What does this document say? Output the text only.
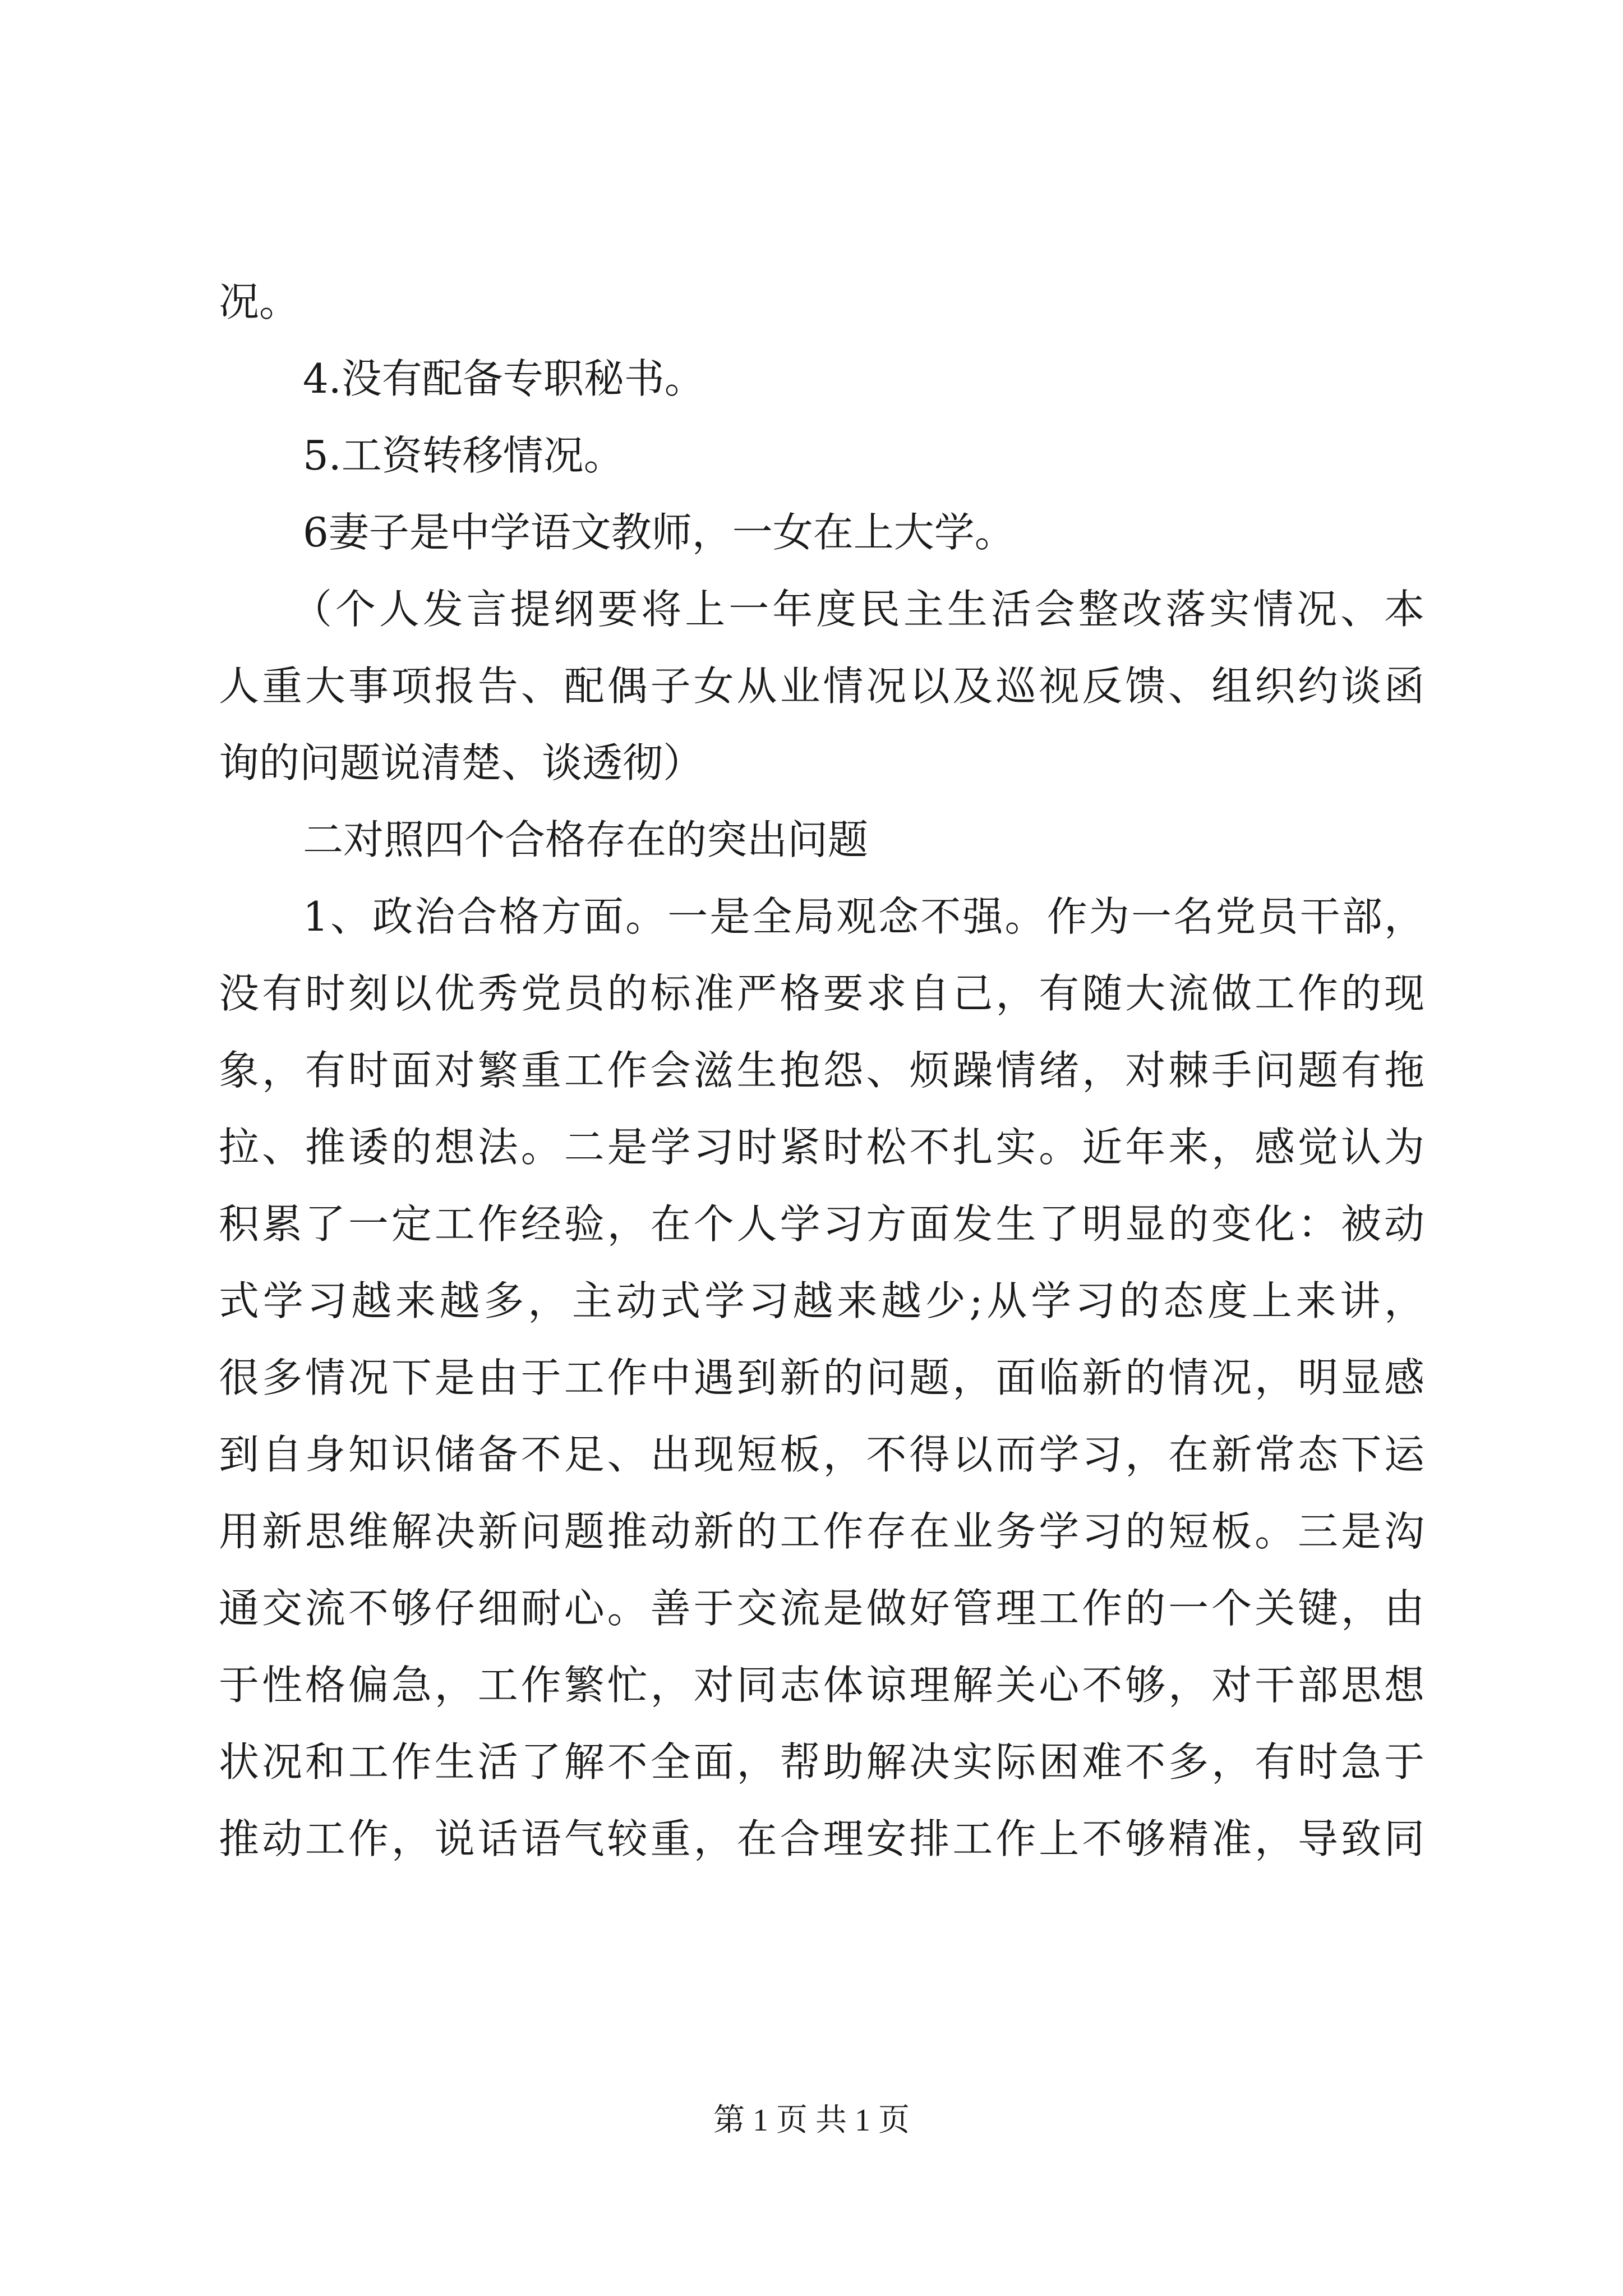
况。
4.没有配备专职秘书。
5.工资转移情况。
6妻子是中学语文教师，一女在上大学。
（个人发言提纲要将上一年度民主生活会整改落实情况、本
人重大事项报告、配偶子女从业情况以及巡视反馈、组织约谈函
询的问题说清楚、谈透彻）
二对照四个合格存在的突出问题
1、政治合格方面。一是全局观念不强。作为一名党员干部，
没有时刻以优秀党员的标准严格要求自己，有随大流做工作的现
象，有时面对繁重工作会滋生抱怨、烦躁情绪，对棘手问题有拖
拉、推诿的想法。二是学习时紧时松不扎实。近年来，感觉认为
积累了一定工作经验，在个人学习方面发生了明显的变化：被动
式学习越来越多，主动式学习越来越少;从学习的态度上来讲，
很多情况下是由于工作中遇到新的问题，面临新的情况，明显感
到自身知识储备不足、出现短板，不得以而学习，在新常态下运
用新思维解决新问题推动新的工作存在业务学习的短板。三是沟
通交流不够仔细耐心。善于交流是做好管理工作的一个关键，由
于性格偏急，工作繁忙，对同志体谅理解关心不够，对干部思想
状况和工作生活了解不全面，帮助解决实际困难不多，有时急于
推动工作，说话语气较重，在合理安排工作上不够精准，导致同
第 1 页 共 1 页
